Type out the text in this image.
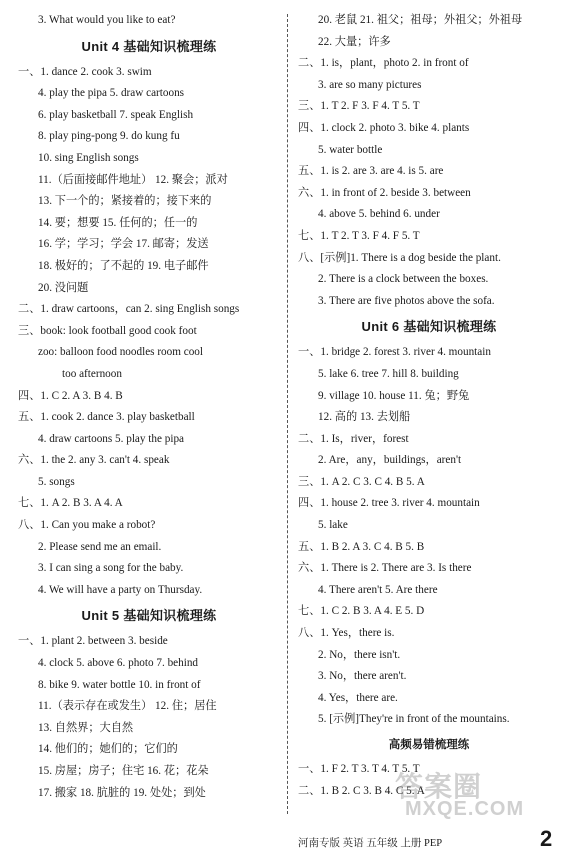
3. What would you like to eat?
Unit 4 基础知识梳理练
一、1. dance 2. cook 3. swim
4. play the pipa 5. draw cartoons
6. play basketball 7. speak English
8. play ping-pong 9. do kung fu
10. sing English songs
11.（后面接邮件地址） 12. 聚会；派对
13. 下一个的；紧接着的；接下来的
14. 要；想要 15. 任何的；任一的
16. 学；学习；学会 17. 邮寄；发送
18. 极好的；了不起的 19. 电子邮件
20. 没问题
二、1. draw cartoons，can 2. sing English songs
三、book: look football good cook foot
zoo: balloon food noodles room cool
too afternoon
四、1. C 2. A 3. B 4. B
五、1. cook 2. dance 3. play basketball
4. draw cartoons 5. play the pipa
六、1. the 2. any 3. can't 4. speak
5. songs
七、1. A 2. B 3. A 4. A
八、1. Can you make a robot?
2. Please send me an email.
3. I can sing a song for the baby.
4. We will have a party on Thursday.
Unit 5 基础知识梳理练
一、1. plant 2. between 3. beside
4. clock 5. above 6. photo 7. behind
8. bike 9. water bottle 10. in front of
11.（表示存在或发生） 12. 住；居住
13. 自然界；大自然
14. 他们的；她们的；它们的
15. 房屋；房子；住宅 16. 花；花朵
17. 搬家 18. 肮脏的 19. 处处；到处
20. 老鼠 21. 祖父；祖母；外祖父；外祖母
22. 大量；许多
二、1. is，plant，photo 2. in front of
3. are so many pictures
三、1. T 2. F 3. F 4. T 5. T
四、1. clock 2. photo 3. bike 4. plants
5. water bottle
五、1. is 2. are 3. are 4. is 5. are
六、1. in front of 2. beside 3. between
4. above 5. behind 6. under
七、1. T 2. T 3. F 4. F 5. T
八、[示例]1. There is a dog beside the plant.
2. There is a clock between the boxes.
3. There are five photos above the sofa.
Unit 6 基础知识梳理练
一、1. bridge 2. forest 3. river 4. mountain
5. lake 6. tree 7. hill 8. building
9. village 10. house 11. 兔；野兔
12. 高的 13. 去划船
二、1. Is，river，forest
2. Are，any，buildings，aren't
三、1. A 2. C 3. C 4. B 5. A
四、1. house 2. tree 3. river 4. mountain
5. lake
五、1. B 2. A 3. C 4. B 5. B
六、1. There is 2. There are 3. Is there
4. There aren't 5. Are there
七、1. C 2. B 3. A 4. E 5. D
八、1. Yes，there is.
2. No，there isn't.
3. No，there aren't.
4. Yes，there are.
5. [示例]They're in front of the mountains.
高频易错梳理练
一、1. F 2. T 3. T 4. T 5. T
二、1. B 2. C 3. B 4. C 5. A
答案圈
MXQE.COM
河南专版 英语 五年级 上册 PEP	2
